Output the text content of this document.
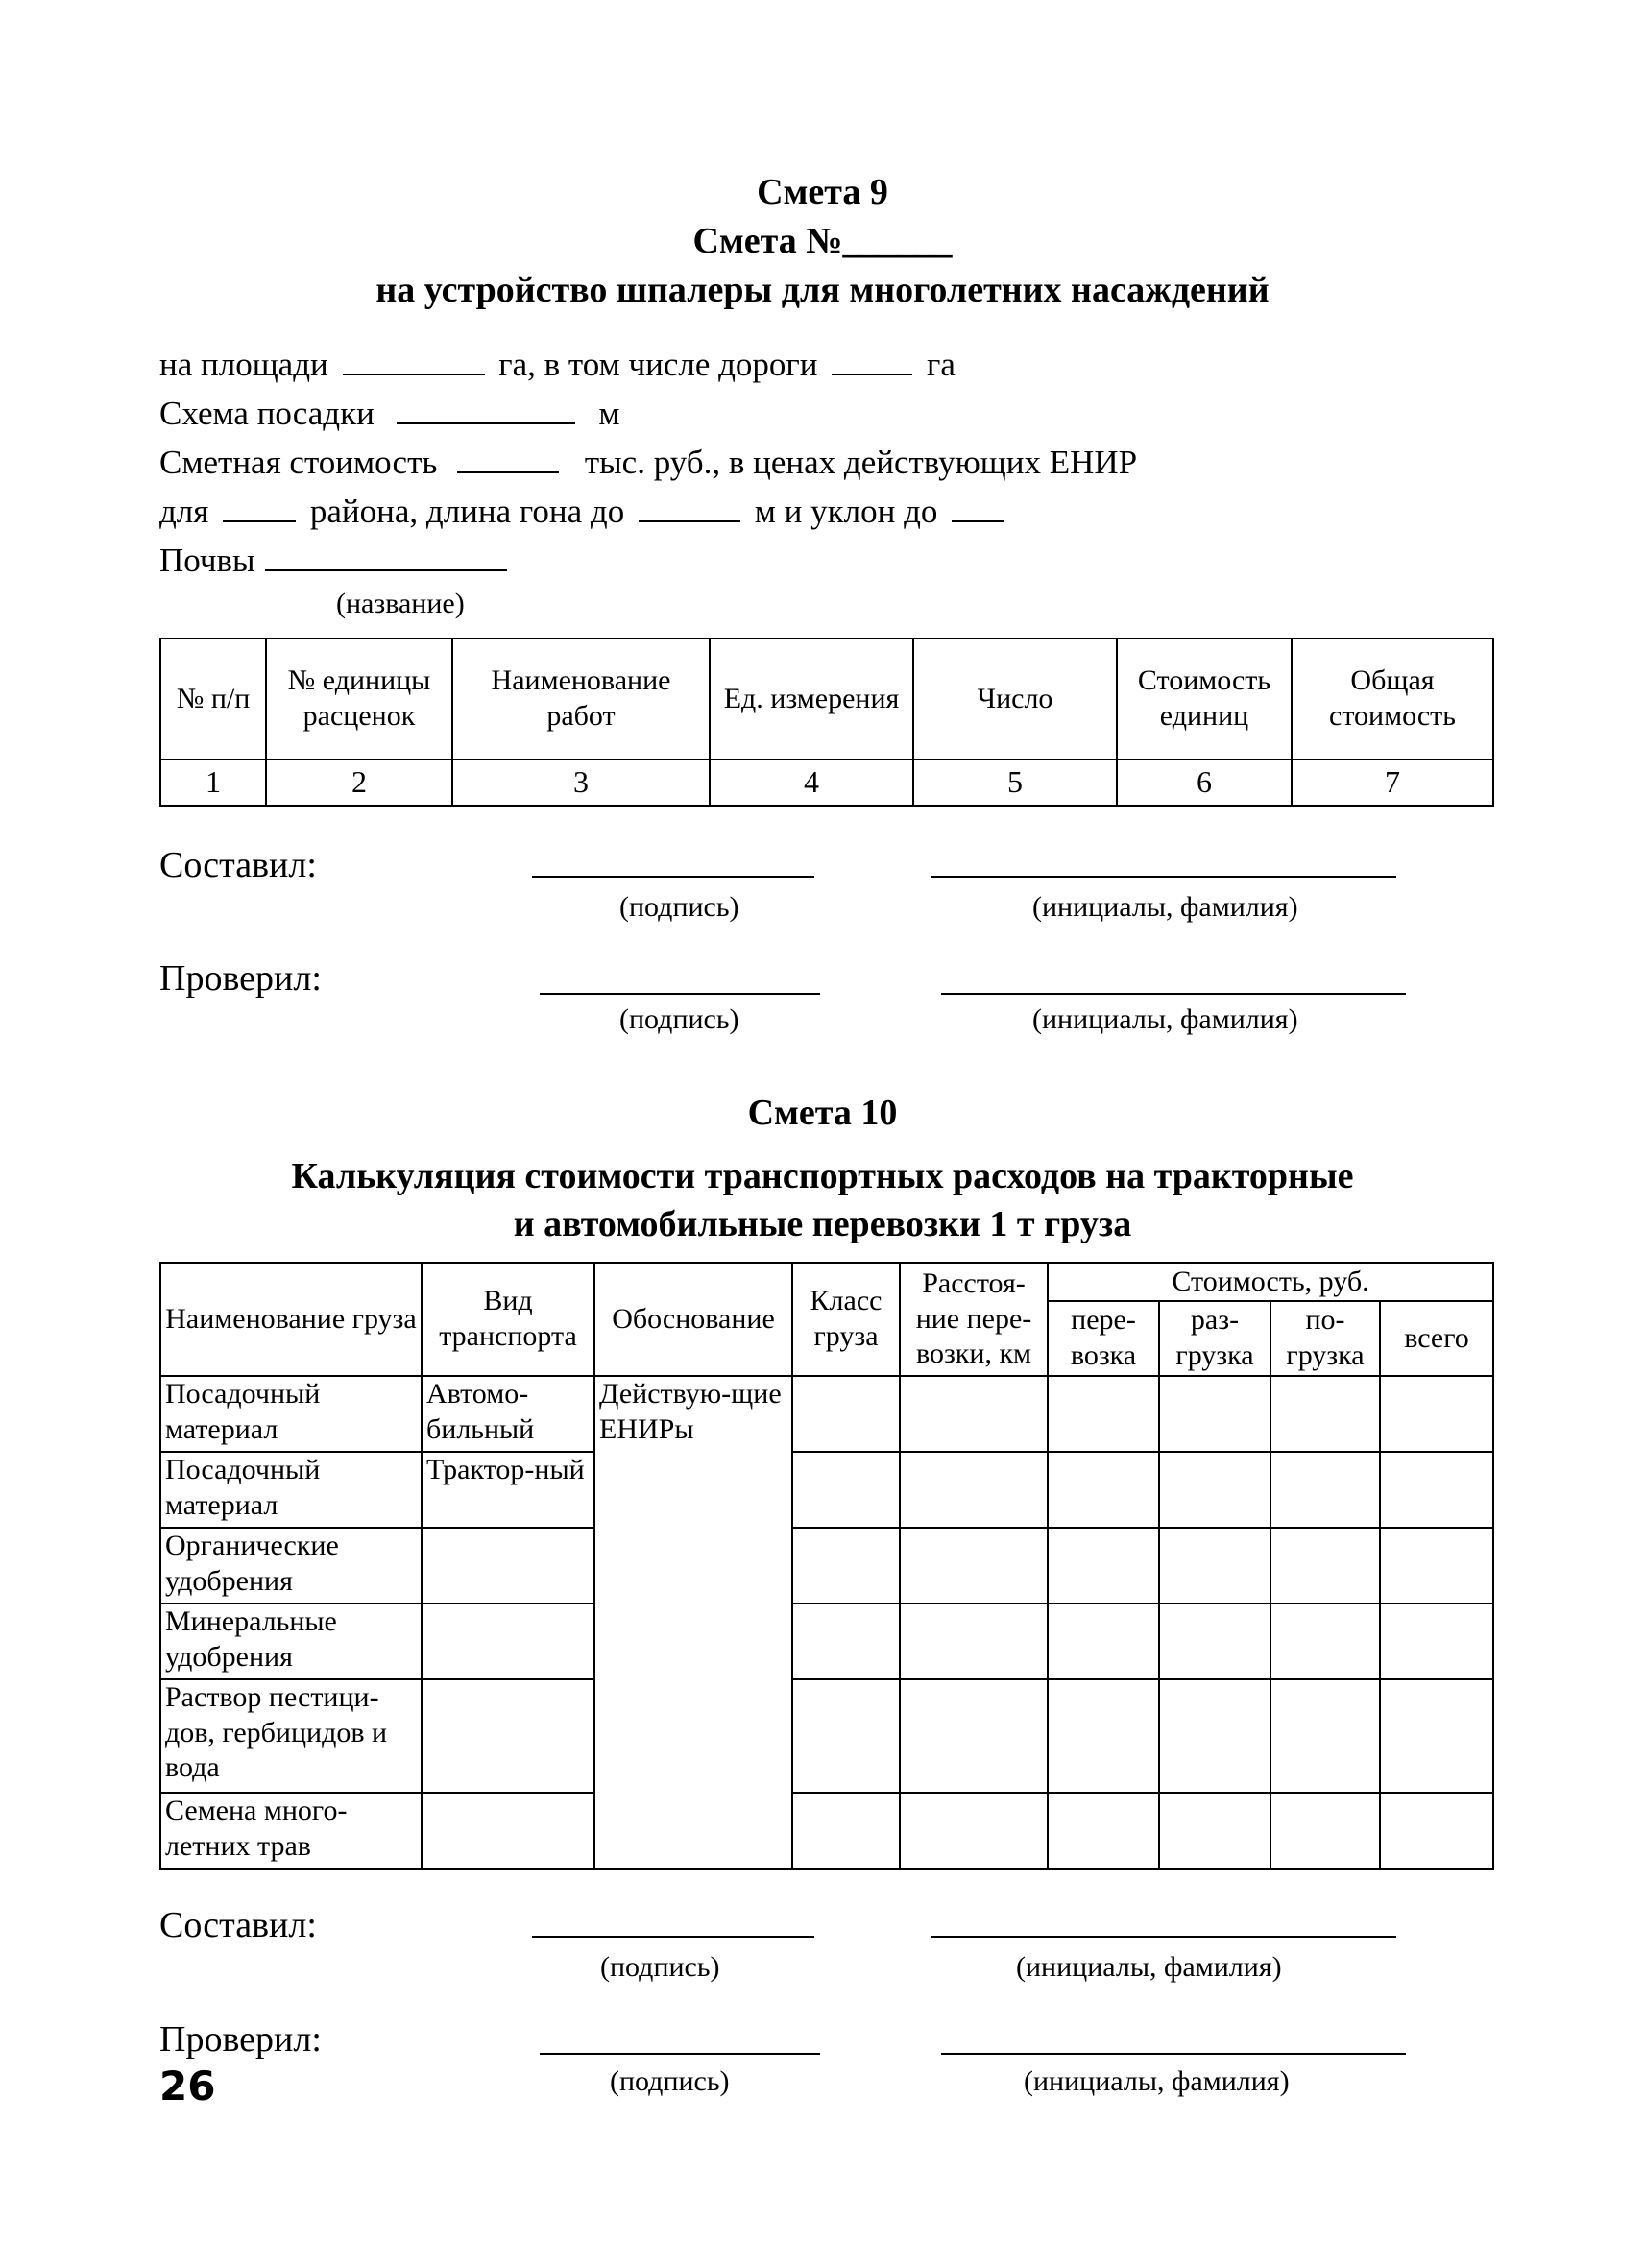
Смета 9
Смета №______
на устройство шпалеры для многолетних насаждений
на площади	га, в том числе дороги	га
Схема посадки	м
Сметная стоимость	тыс. руб., в ценах действующих ЕНИР
для	района, длина гона до	м и уклон до
Почвы
(название)
№ п/п	№ единицы расценок	Наименование работ	Ед. измерения	Число	Стоимость единиц	Общая стоимость
1	2	3	4	5	6	7
Составил:
(подпись)	(инициалы, фамилия)
Проверил:
(подпись)	(инициалы, фамилия)
Смета 10
Калькуляция стоимости транспортных расходов на тракторные
и автомобильные перевозки 1 т груза
Наименование груза	Вид транспорта	Обоснование	Класс груза	Расстоя-ние пере-возки, км	Стоимость, руб.			
					пере-возка	раз-грузка	по-грузка	всего
Посадочный материал	Автомо-бильный	Действую-щие ЕНИРы						
Посадочный материал	Трактор-ный							
Органические удобрения								
Минеральные удобрения								
Раствор пестици-дов, гербицидов и вода								
Семена много-летних трав								
Составил:
(подпись)	(инициалы, фамилия)
Проверил:
(подпись)	(инициалы, фамилия)
26
